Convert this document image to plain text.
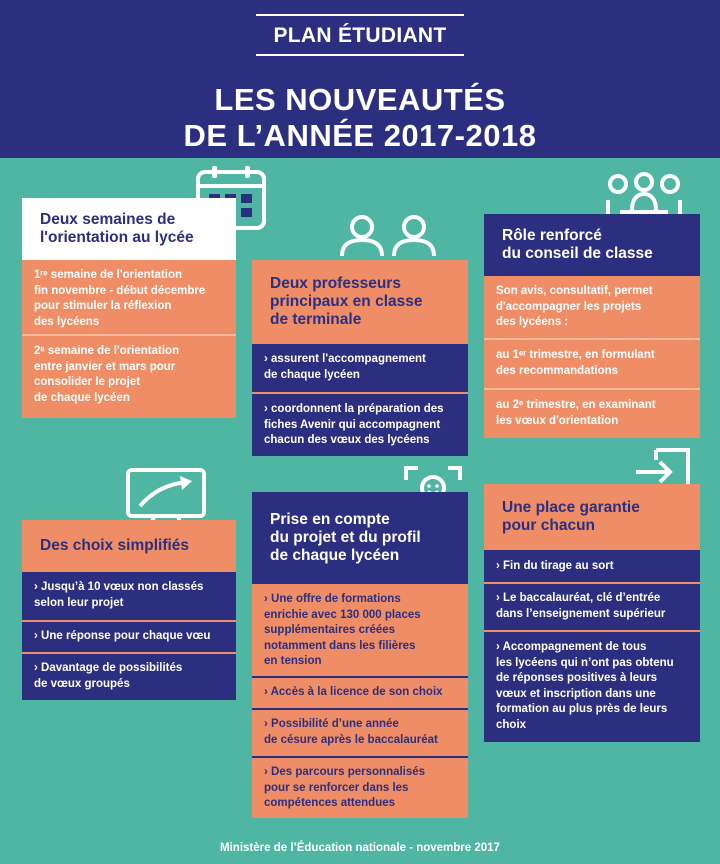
PLAN ÉTUDIANT
LES NOUVEAUTÉS
DE L’ANNÉE 2017-2018
Deux semaines de
l'orientation au lycée
1ʳᵉ semaine de l'orientation
fin novembre - début décembre
pour stimuler la réflexion
des lycéens
2ᵉ semaine de l'orientation
entre janvier et mars pour
consolider le projet
de chaque lycéen
Deux professeurs
principaux en classe
de terminale
› assurent l'accompagnement
de chaque lycéen
› coordonnent la préparation des
fiches Avenir qui accompagnent
chacun des vœux des lycéens
Rôle renforcé
du conseil de classe
Son avis, consultatif, permet
d'accompagner les projets
des lycéens :
au 1ᵉʳ trimestre, en formulant
des recommandations
au 2ᵉ trimestre, en examinant
les vœux d'orientation
Des choix simplifiés
› Jusqu’à 10 vœux non classés
selon leur projet
› Une réponse pour chaque vœu
› Davantage de possibilités
de vœux groupés
Prise en compte
du projet et du profil
de chaque lycéen
› Une offre de formations
enrichie avec 130 000 places
supplémentaires créées
notamment dans les filières
en tension
› Accès à la licence de son choix
› Possibilité d’une année
de césure après le baccalauréat
› Des parcours personnalisés
pour se renforcer dans les
compétences attendues
Une place garantie
pour chacun
› Fin du tirage au sort
› Le baccalauréat, clé d’entrée
dans l’enseignement supérieur
› Accompagnement de tous
les lycéens qui n’ont pas obtenu
de réponses positives à leurs
vœux et inscription dans une
formation au plus près de leurs
choix
Ministère de l’Éducation nationale - novembre 2017
